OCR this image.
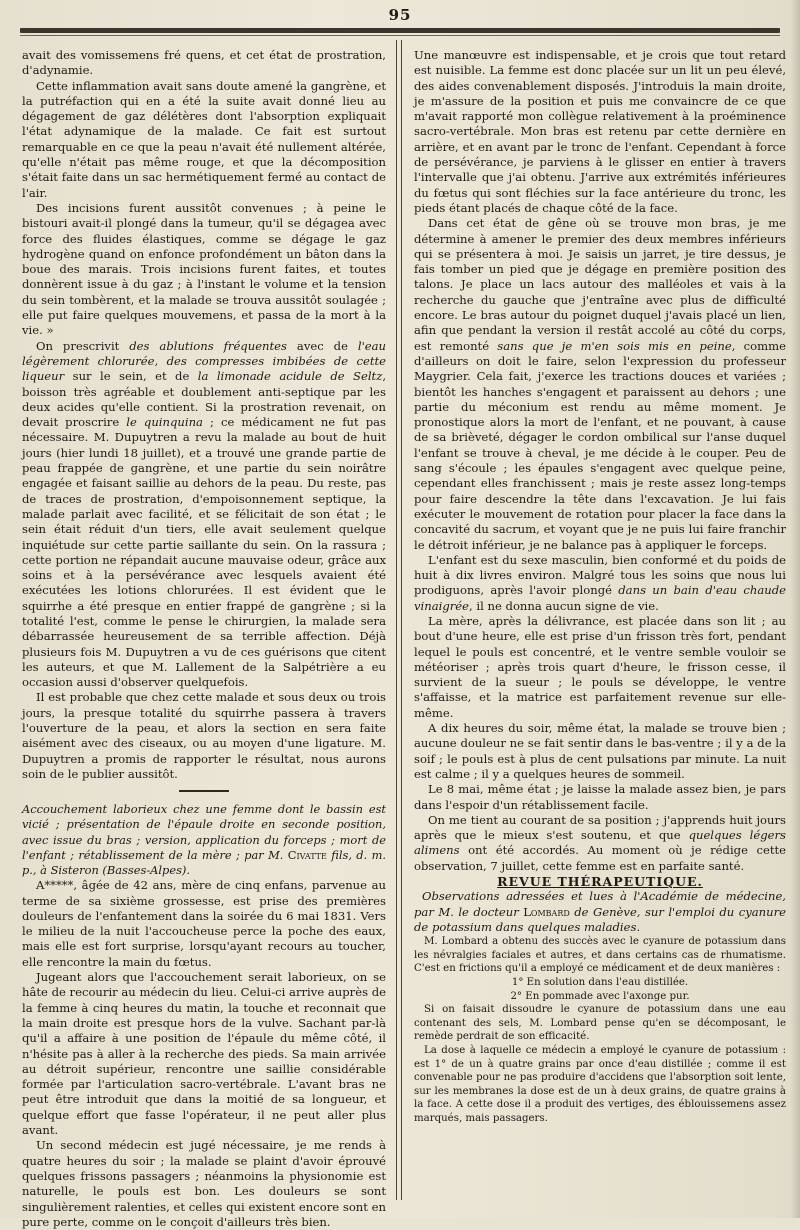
95

avait des vomissemens fré quens, et cet état de prostration, d'adynamie.

Cette inflammation avait sans doute amené la gangrène, et la putréfaction qui en a été la suite avait donné lieu au dégagement de gaz délétères dont l'absorption expliquait l'état adynamique de la malade. Ce fait est surtout remarquable en ce que la peau n'avait été nullement altérée, qu'elle n'était pas même rouge, et que la décomposition s'était faite dans un sac hermétiquement fermé au contact de l'air.

Des incisions furent aussitôt convenues ; à peine le bistouri avait-il plongé dans la tumeur, qu'il se dégagea avec force des fluides élastiques, comme se dégage le gaz hydrogène quand on enfonce profondément un bâton dans la boue des marais. Trois incisions furent faites, et toutes donnèrent issue à du gaz ; à l'instant le volume et la tension du sein tombèrent, et la malade se trouva aussitôt soulagée ; elle put faire quelques mouvemens, et passa de la mort à la vie. »

On prescrivit des ablutions fréquentes avec de l'eau légèrement chlorurée, des compresses imbibées de cette liqueur sur le sein, et de la limonade acidule de Seltz, boisson très agréable et doublement anti-septique par les deux acides qu'elle contient. Si la prostration revenait, on devait proscrire le quinquina ; ce médicament ne fut pas nécessaire. M. Dupuytren a revu la malade au bout de huit jours (hier lundi 18 juillet), et a trouvé une grande partie de peau frappée de gangrène, et une partie du sein noirâtre engagée et faisant saillie au dehors de la peau. Du reste, pas de traces de prostration, d'empoisonnement septique, la malade parlait avec facilité, et se félicitait de son état ; le sein était réduit d'un tiers, elle avait seulement quelque inquiétude sur cette partie saillante du sein. On la rassura ; cette portion ne répandait aucune mauvaise odeur, grâce aux soins et à la persévérance avec lesquels avaient été exécutées les lotions chlorurées. Il est évident que le squirrhe a été presque en entier frappé de gangrène ; si la totalité l'est, comme le pense le chirurgien, la malade sera débarrassée heureusement de sa terrible affection. Déjà plusieurs fois M. Dupuytren a vu de ces guérisons que citent les auteurs, et que M. Lallement de la Salpétrière a eu occasion aussi d'observer quelquefois.

Il est probable que chez cette malade et sous deux ou trois jours, la presque totalité du squirrhe passera à travers l'ouverture de la peau, et alors la section en sera faite aisément avec des ciseaux, ou au moyen d'une ligature. M. Dupuytren a promis de rapporter le résultat, nous aurons soin de le publier aussitôt.

Accouchement laborieux chez une femme dont le bassin est vicié ; présentation de l'épaule droite en seconde position, avec issue du bras ; version, application du forceps ; mort de l'enfant ; rétablissement de la mère ; par M. Civatte fils, d. m. p., à Sisteron (Basses-Alpes).

A*****, âgée de 42 ans, mère de cinq enfans, parvenue au terme de sa sixième grossesse, est prise des premières douleurs de l'enfantement dans la soirée du 6 mai 1831. Vers le milieu de la nuit l'accoucheuse perce la poche des eaux, mais elle est fort surprise, lorsqu'ayant recours au toucher, elle rencontre la main du fœtus.

Jugeant alors que l'accouchement serait laborieux, on se hâte de recourir au médecin du lieu. Celui-ci arrive auprès de la femme à cinq heures du matin, la touche et reconnait que la main droite est presque hors de la vulve. Sachant par-là qu'il a affaire à une position de l'épaule du même côté, il n'hésite pas à aller à la recherche des pieds. Sa main arrivée au détroit supérieur, rencontre une saillie considérable formée par l'articulation sacro-vertébrale. L'avant bras ne peut être introduit que dans la moitié de sa longueur, et quelque effort que fasse l'opérateur, il ne peut aller plus avant.

Un second médecin est jugé nécessaire, je me rends à quatre heures du soir ; la malade se plaint d'avoir éprouvé quelques frissons passagers ; néanmoins la physionomie est naturelle, le pouls est bon. Les douleurs se sont singulièrement ralenties, et celles qui existent encore sont en pure perte, comme on le conçoit d'ailleurs très bien.

Une manœuvre est indispensable, et je crois que tout retard est nuisible. La femme est donc placée sur un lit un peu élevé, des aides convenablement disposés. J'introduis la main droite, je m'assure de la position et puis me convaincre de ce que m'avait rapporté mon collègue relativement à la proéminence sacro-vertébrale. Mon bras est retenu par cette dernière en arrière, et en avant par le tronc de l'enfant. Cependant à force de persévérance, je parviens à le glisser en entier à travers l'intervalle que j'ai obtenu. J'arrive aux extrémités inférieures du fœtus qui sont fléchies sur la face antérieure du tronc, les pieds étant placés de chaque côté de la face.

Dans cet état de gêne où se trouve mon bras, je me détermine à amener le premier des deux membres inférieurs qui se présentera à moi. Je saisis un jarret, je tire dessus, je fais tomber un pied que je dégage en première position des talons. Je place un lacs autour des malléoles et vais à la recherche du gauche que j'entraîne avec plus de difficulté encore. Le bras autour du poignet duquel j'avais placé un lien, afin que pendant la version il restât accolé au côté du corps, est remonté sans que je m'en sois mis en peine, comme d'ailleurs on doit le faire, selon l'expression du professeur Maygrier. Cela fait, j'exerce les tractions douces et variées ; bientôt les hanches s'engagent et paraissent au dehors ; une partie du méconium est rendu au même moment. Je pronostique alors la mort de l'enfant, et ne pouvant, à cause de sa brièveté, dégager le cordon ombilical sur l'anse duquel l'enfant se trouve à cheval, je me décide à le couper. Peu de sang s'écoule ; les épaules s'engagent avec quelque peine, cependant elles franchissent ; mais je reste assez long-temps pour faire descendre la tête dans l'excavation. Je lui fais exécuter le mouvement de rotation pour placer la face dans la concavité du sacrum, et voyant que je ne puis lui faire franchir le détroit inférieur, je ne balance pas à appliquer le forceps.

L'enfant est du sexe masculin, bien conformé et du poids de huit à dix livres environ. Malgré tous les soins que nous lui prodiguons, après l'avoir plongé dans un bain d'eau chaude vinaigrée, il ne donna aucun signe de vie.

La mère, après la délivrance, est placée dans son lit ; au bout d'une heure, elle est prise d'un frisson très fort, pendant lequel le pouls est concentré, et le ventre semble vouloir se météoriser ; après trois quart d'heure, le frisson cesse, il survient de la sueur ; le pouls se développe, le ventre s'affaisse, et la matrice est parfaitement revenue sur elle-même.

A dix heures du soir, même état, la malade se trouve bien ; aucune douleur ne se fait sentir dans le bas-ventre ; il y a de la soif ; le pouls est à plus de cent pulsations par minute. La nuit est calme ; il y a quelques heures de sommeil.

Le 8 mai, même état ; je laisse la malade assez bien, je pars dans l'espoir d'un rétablissement facile.

On me tient au courant de sa position ; j'apprends huit jours après que le mieux s'est soutenu, et que quelques légers alimens ont été accordés. Au moment où je rédige cette observation, 7 juillet, cette femme est en parfaite santé.

REVUE THÉRAPEUTIQUE.

Observations adressées et lues à l'Académie de médecine, par M. le docteur Lombard de Genève, sur l'emploi du cyanure de potassium dans quelques maladies.

M. Lombard a obtenu des succès avec le cyanure de potassium dans les névralgies faciales et autres, et dans certains cas de rhumatisme. C'est en frictions qu'il a employé ce médicament et de deux manières :

1° En solution dans l'eau distillée.

2° En pommade avec l'axonge pur.

Si on faisait dissoudre le cyanure de potassium dans une eau contenant des sels, M. Lombard pense qu'en se décomposant, le remède perdrait de son efficacité.

La dose à laquelle ce médecin a employé le cyanure de potassium : est 1° de un à quatre grains par once d'eau distillée ; comme il est convenable pour ne pas produire d'accidens que l'absorption soit lente, sur les membranes la dose est de un à deux grains, de quatre grains à la face. A cette dose il a produit des vertiges, des éblouissemens assez marqués, mais passagers.
